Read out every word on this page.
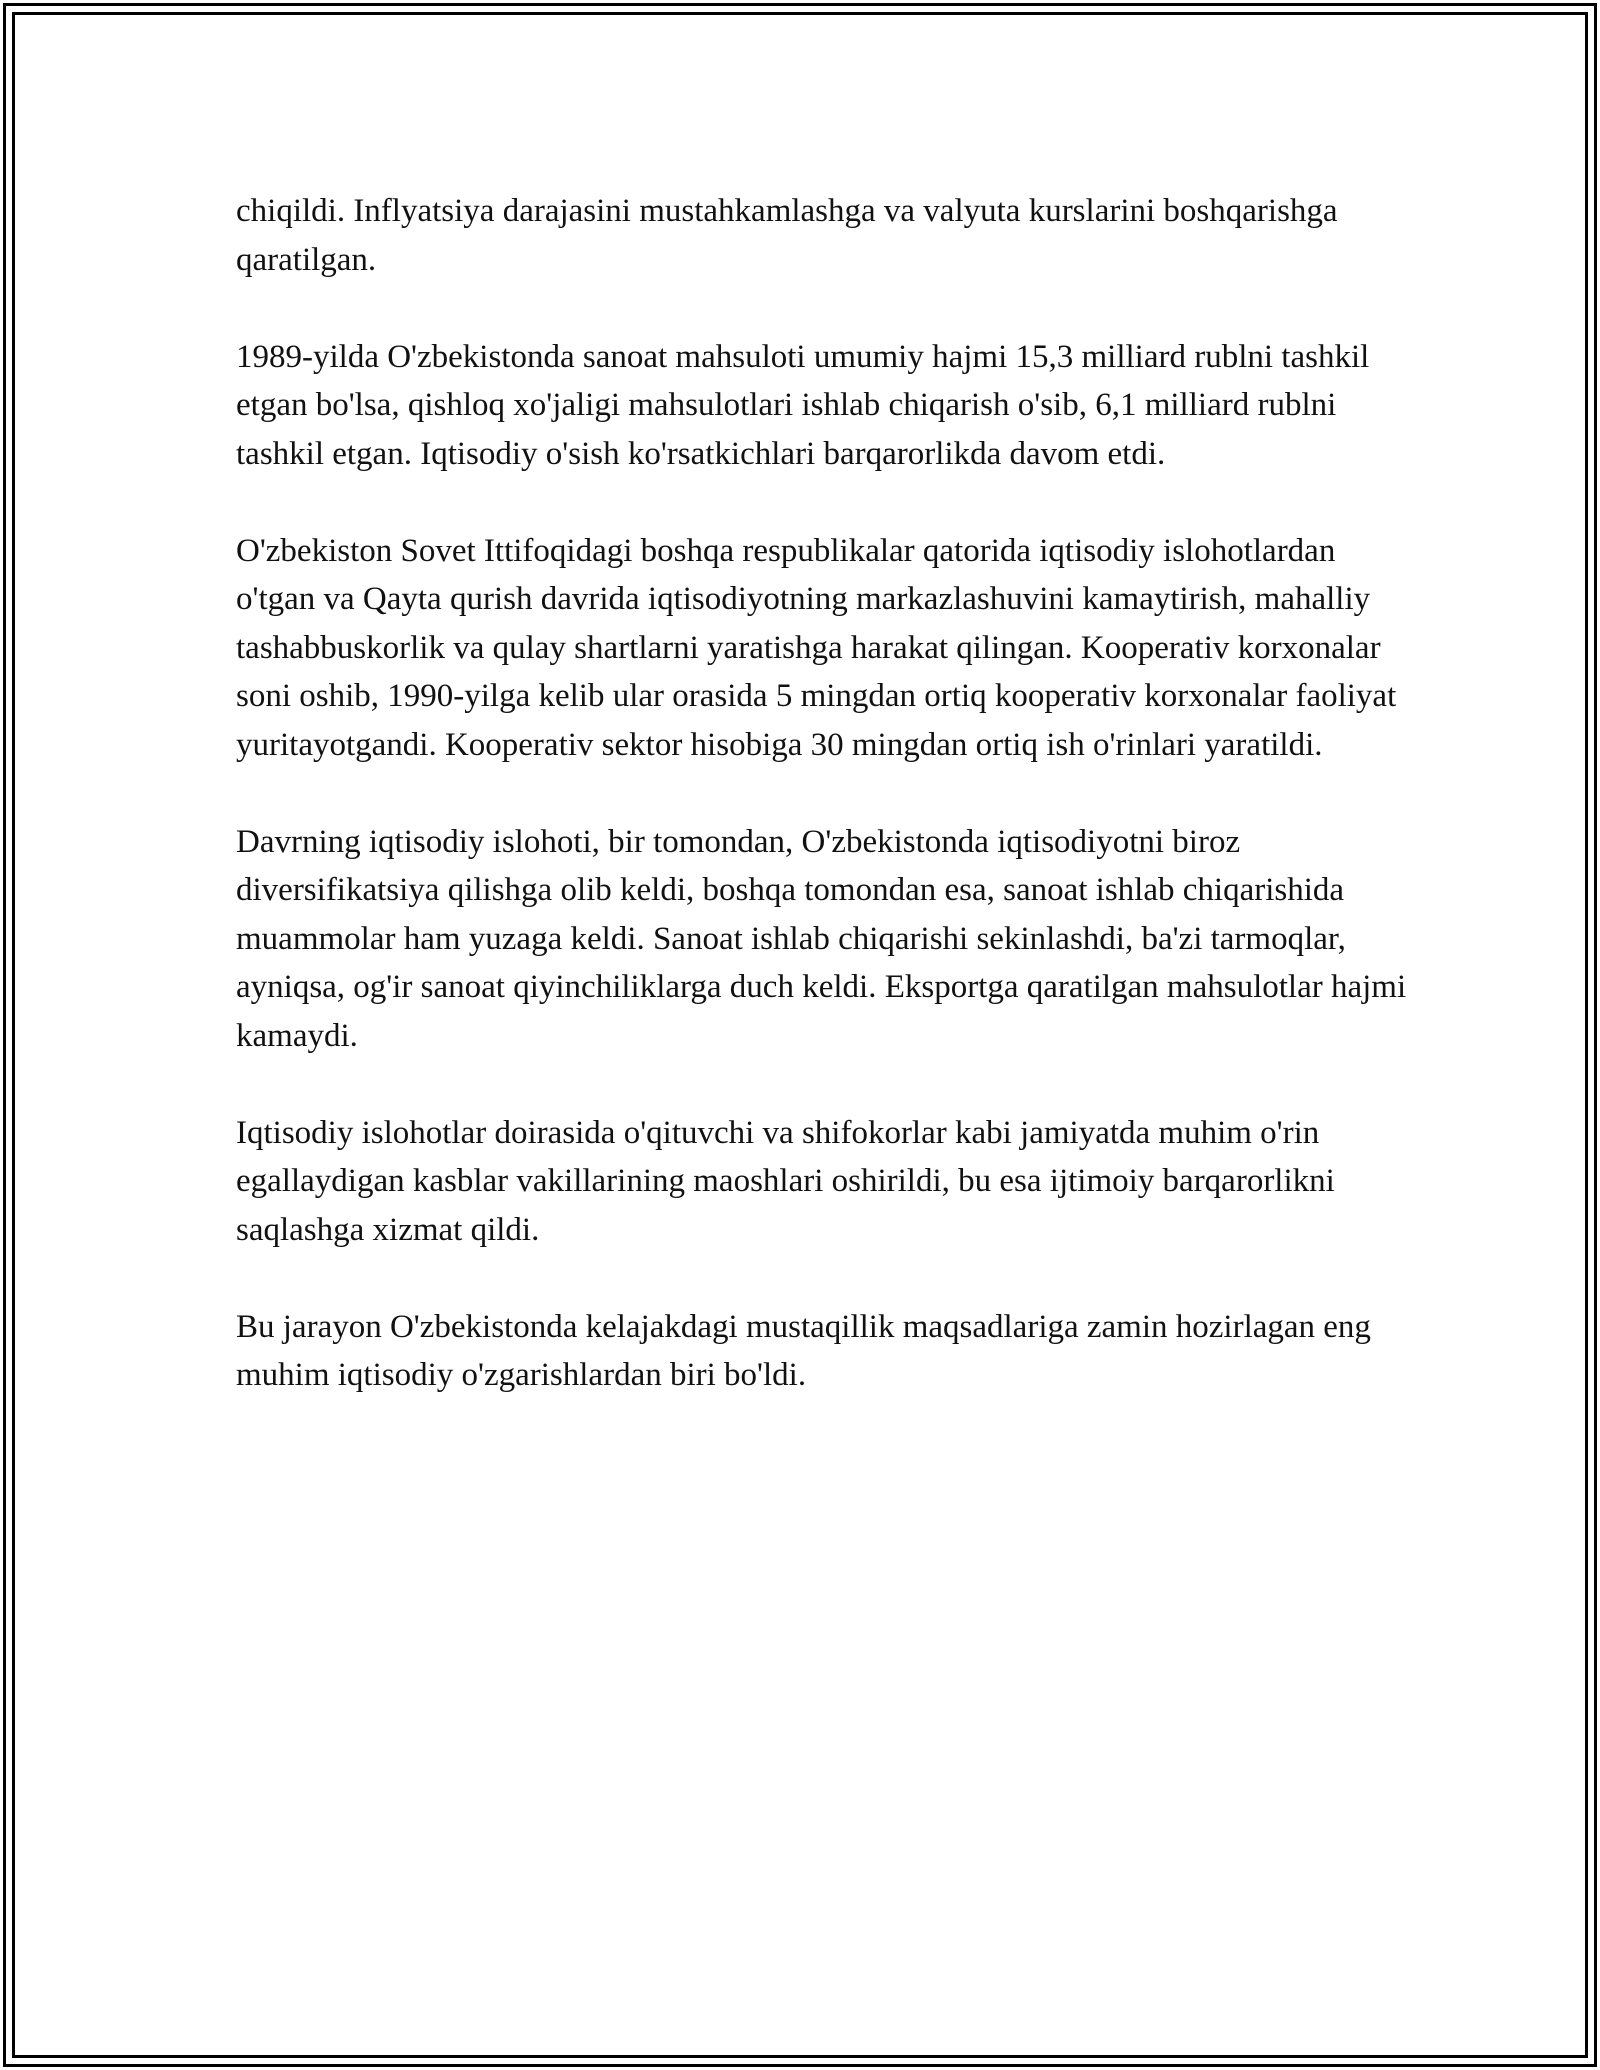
chiqildi. Inflyatsiya darajasini mustahkamlashga va valyuta kurslarini boshqarishga qaratilgan.

1989-yilda O'zbekistonda sanoat mahsuloti umumiy hajmi 15,3 milliard rublni tashkil etgan bo'lsa, qishloq xo'jaligi mahsulotlari ishlab chiqarish o'sib, 6,1 milliard rublni tashkil etgan. Iqtisodiy o'sish ko'rsatkichlari barqarorlikda davom etdi.

O'zbekiston Sovet Ittifoqidagi boshqa respublikalar qatorida iqtisodiy islohotlardan o'tgan va Qayta qurish davrida iqtisodiyotning markazlashuvini kamaytirish, mahalliy tashabbuskorlik va qulay shartlarni yaratishga harakat qilingan. Kooperativ korxonalar soni oshib, 1990-yilga kelib ular orasida 5 mingdan ortiq kooperativ korxonalar faoliyat yuritayotgandi. Kooperativ sektor hisobiga 30 mingdan ortiq ish o'rinlari yaratildi.

Davrning iqtisodiy islohoti, bir tomondan, O'zbekistonda iqtisodiyotni biroz diversifikatsiya qilishga olib keldi, boshqa tomondan esa, sanoat ishlab chiqarishida muammolar ham yuzaga keldi. Sanoat ishlab chiqarishi sekinlashdi, ba'zi tarmoqlar, ayniqsa, og'ir sanoat qiyinchiliklarga duch keldi. Eksportga qaratilgan mahsulotlar hajmi kamaydi.

Iqtisodiy islohotlar doirasida o'qituvchi va shifokorlar kabi jamiyatda muhim o'rin egallaydigan kasblar vakillarining maoshlari oshirildi, bu esa ijtimoiy barqarorlikni saqlashga xizmat qildi.

Bu jarayon O'zbekistonda kelajakdagi mustaqillik maqsadlariga zamin hozirlagan eng muhim iqtisodiy o'zgarishlardan biri bo'ldi.
